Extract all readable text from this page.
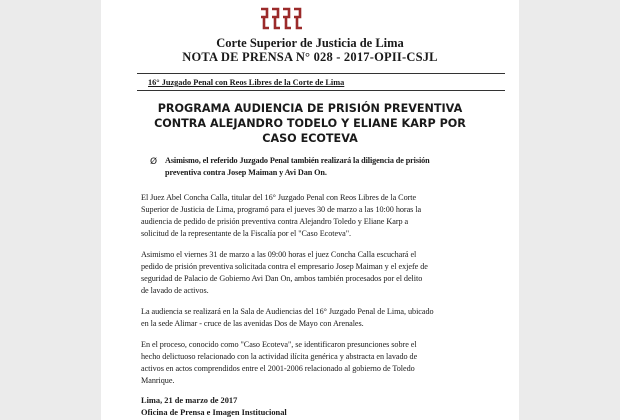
Corte Superior de Justicia de Lima
NOTA DE PRENSA N° 028 - 2017-OPII-CSJL
16° Juzgado Penal con Reos Libres de la Corte de Lima
PROGRAMA AUDIENCIA DE PRISIÓN PREVENTIVA
CONTRA ALEJANDRO TODELO Y ELIANE KARP POR
CASO ECOTEVA
Ø Asimismo, el referido Juzgado Penal también realizará la diligencia de prisión
preventiva contra Josep Maiman y Avi Dan On.
El Juez Abel Concha Calla, titular del 16° Juzgado Penal con Reos Libres de la Corte
Superior de Justicia de Lima, programó para el jueves 30 de marzo a las 10:00 horas la
audiencia de pedido de prisión preventiva contra Alejandro Toledo y Eliane Karp a
solicitud de la representante de la Fiscalía por el "Caso Ecoteva".
Asimismo el viernes 31 de marzo a las 09:00 horas el juez Concha Calla escuchará el
pedido de prisión preventiva solicitada contra el empresario Josep Maiman y el exjefe de
seguridad de Palacio de Gobierno Avi Dan On, ambos también procesados por el delito
de lavado de activos.
La audiencia se realizará en la Sala de Audiencias del 16° Juzgado Penal de Lima, ubicado
en la sede Alimar - cruce de las avenidas Dos de Mayo con Arenales.
En el proceso, conocido como "Caso Ecoteva", se identificaron presunciones sobre el
hecho delictuoso relacionado con la actividad ilícita genérica y abstracta en lavado de
activos en actos comprendidos entre el 2001-2006 relacionado al gobierno de Toledo
Manrique.
Lima, 21 de marzo de 2017
Oficina de Prensa e Imagen Institucional
